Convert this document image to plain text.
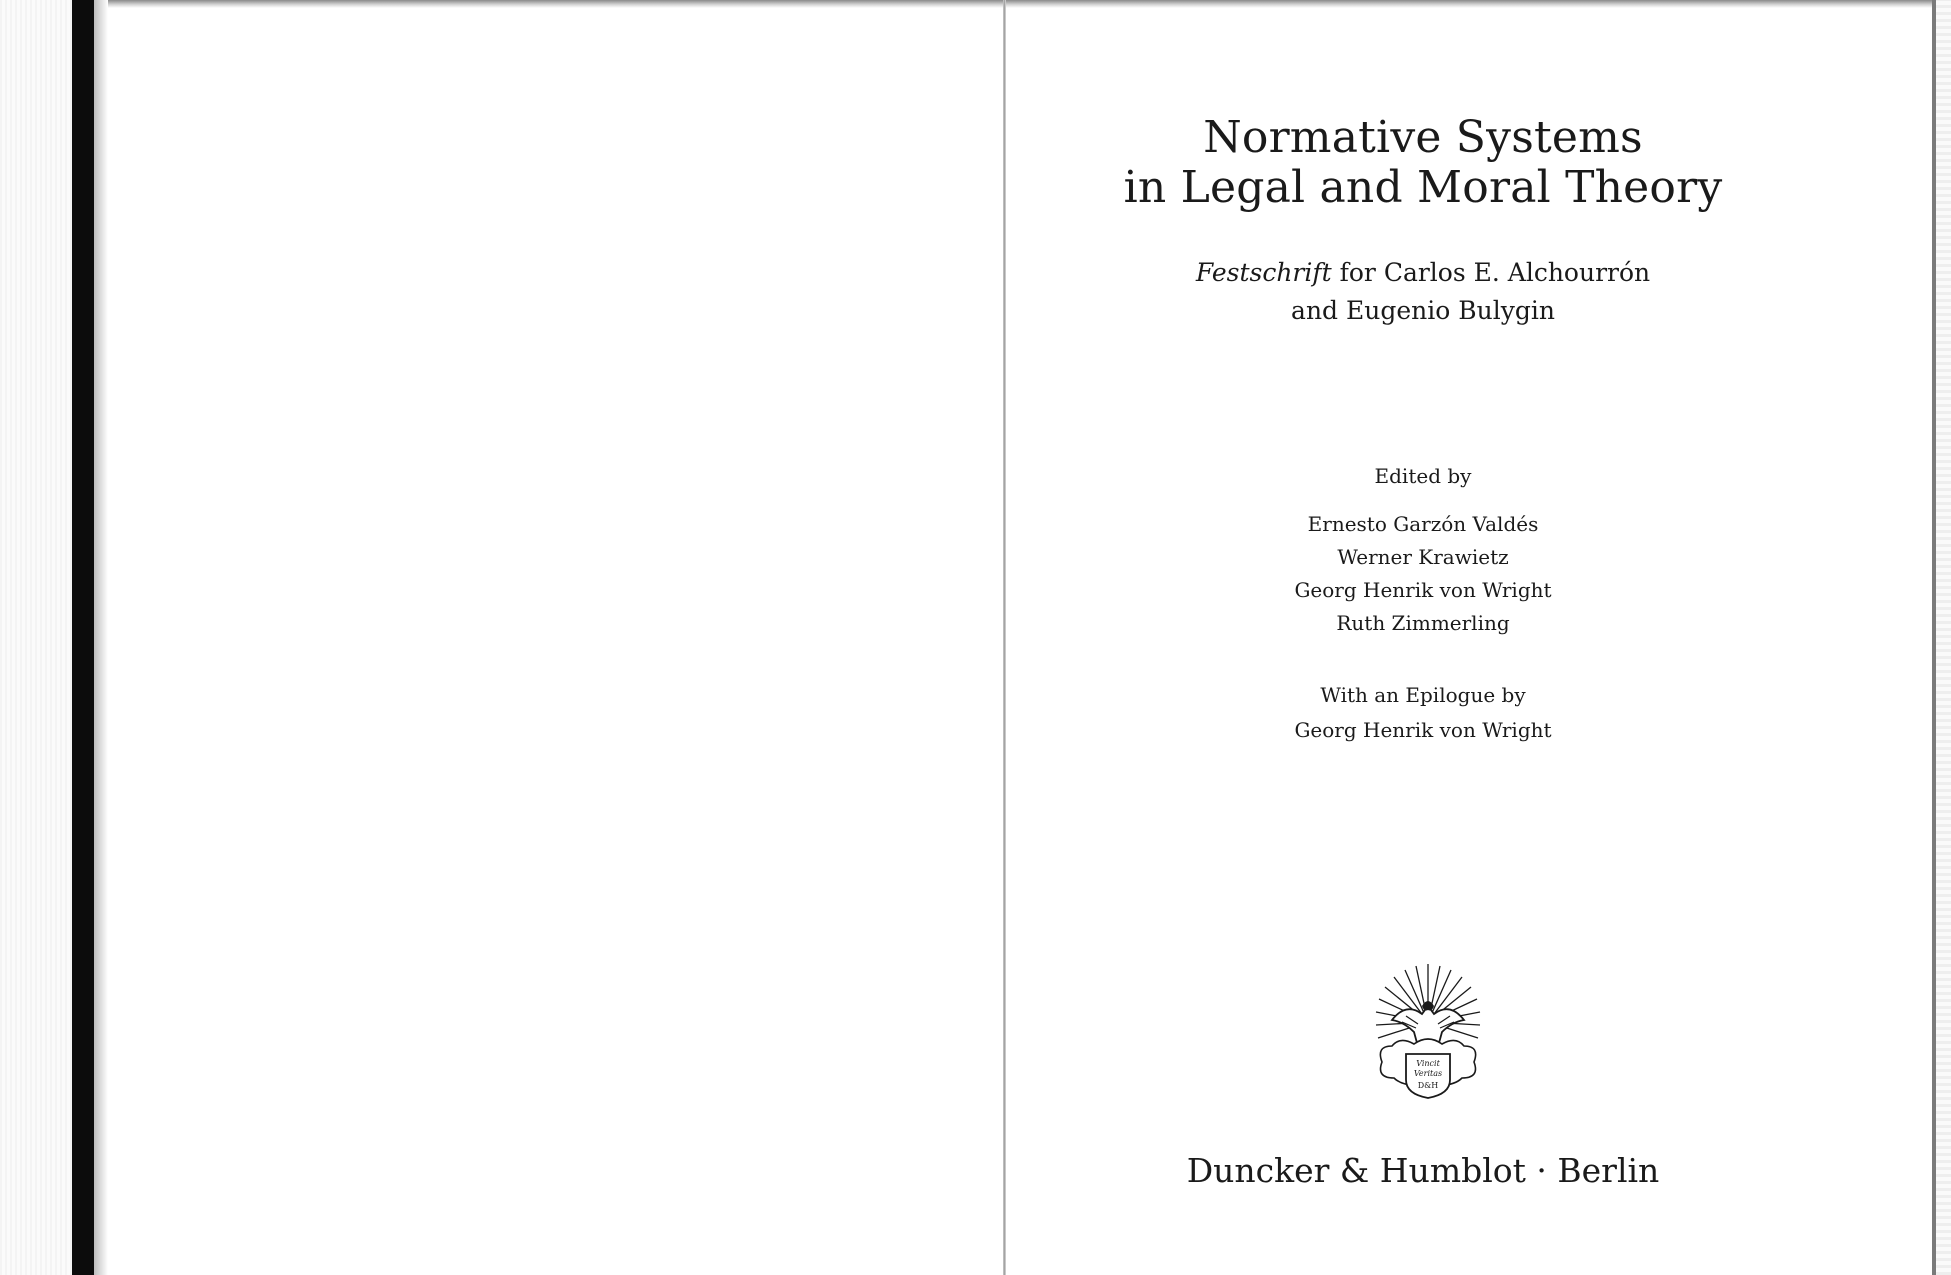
Normative Systems
in Legal and Moral Theory
Festschrift for Carlos E. Alchourrón
and Eugenio Bulygin
Edited by
Ernesto Garzón Valdés
Werner Krawietz
Georg Henrik von Wright
Ruth Zimmerling
With an Epilogue by
Georg Henrik von Wright
Vincit
Veritas
D&H
Duncker & Humblot · Berlin
